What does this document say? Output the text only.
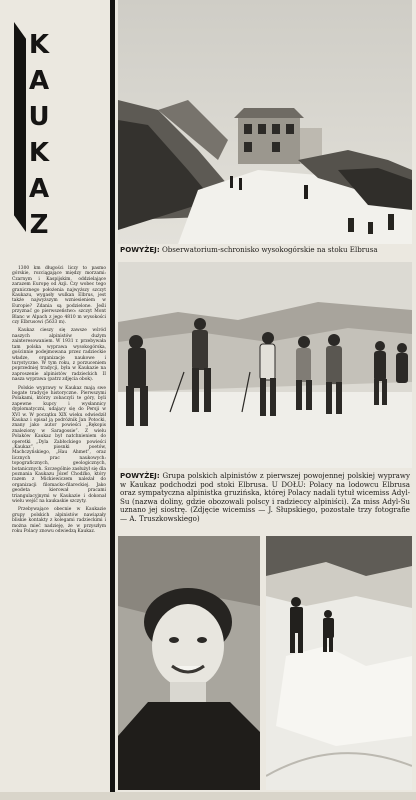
K
A
U
K
A
Z

1300 km długości liczy to pasmo górskie, rozciągające między morzami: Czarnym i Kaspijskim, oddzielające zarazem Europę od Azji. Czy wobec tego granicznego położenia najwyższy szczyt Kaukazu, wygasły wulkan Elbrus, jest także najwyższym wzniesieniem w Europie? Zdania są podzielone. Jeśli przyznać go pierwszeństwo: szczyt Mont Blanc w Alpach z jego 4810 m wysokości czy Elbrusowi (5633 m).

Kaukaz cieszy się zawsze wśród naszych alpinistów dużym zainteresowaniem. W 1931 r. przebywała tam polska wyprawa wysokogórska, gościnnie podejmowana przez radzieckie władze, organizacje naukowe i turystyczne. W tym roku, z porzuceniem poprzedniej tradycji, była w Kaukazie na zaproszenie alpinistów radzieckich II nasza wyprawa (patrz zdjęcia obok).

Polskie wyprawy w Kaukaz mają swe bogate tradycje historyczne. Pierwszymi Polakami, którzy zobaczyli te góry, byli zapewne kupcy i wysłannicy dyplomatyczni, udający się do Persji w XVI w. W początku XIX wieku odwiedził Kaukaz i opisał ją podróżnik Jan Potocki, znany jako autor powieści „Rękopis znaleziony w Saragossie”. Z wielu Polaków Kaukaz był natchnieniem do operetki „Dyla Zabłockiego powieści „Kaukaz”, piosnki poetów, Machczyńskiego, „Hau Ahmet”, oraz licznych prac naukowych: topograficznych, geologicznych, botanicznych. Szczególnie zasłużył się dla poznania Kaukazu Józef Chodźko, który razem z Mickiewiczem należał do organizacji filomacko-filareckiej. Jako geodeta kierował pracami triangulacyjnymi w Kaukazie i dokonał wielu wejść na kaukaskie szczyty.

Przebywające obecnie w Kaukazie grupy polskich alpinistów nawiązały bliskie kontakty z kolegami radzieckimi i można mieć nadzieję, że w przyszłym roku Polacy znowu odwiedzą Kaukaz.

POWYŻEJ: Obserwatorium-schronisko wysokogórskie na stoku Elbrusa
POWYŻEJ: Grupa polskich alpinistów z pierwszej powojennej polskiej wyprawy w Kaukaz podchodzi pod stoki Elbrusa. U DOŁU: Polacy na lodowcu Elbrusa oraz sympatyczna alpinistka gruzińska, której Polacy nadali tytuł wicemiss Adyl-Su (nazwa doliny, gdzie obozowali polscy i radzieccy alpiniści). Za miss Adyl-Su uznano jej siostrę. (Zdjęcie wicemiss — J. Słupskiego, pozostałe trzy fotografie — A. Truszkowskiego)
